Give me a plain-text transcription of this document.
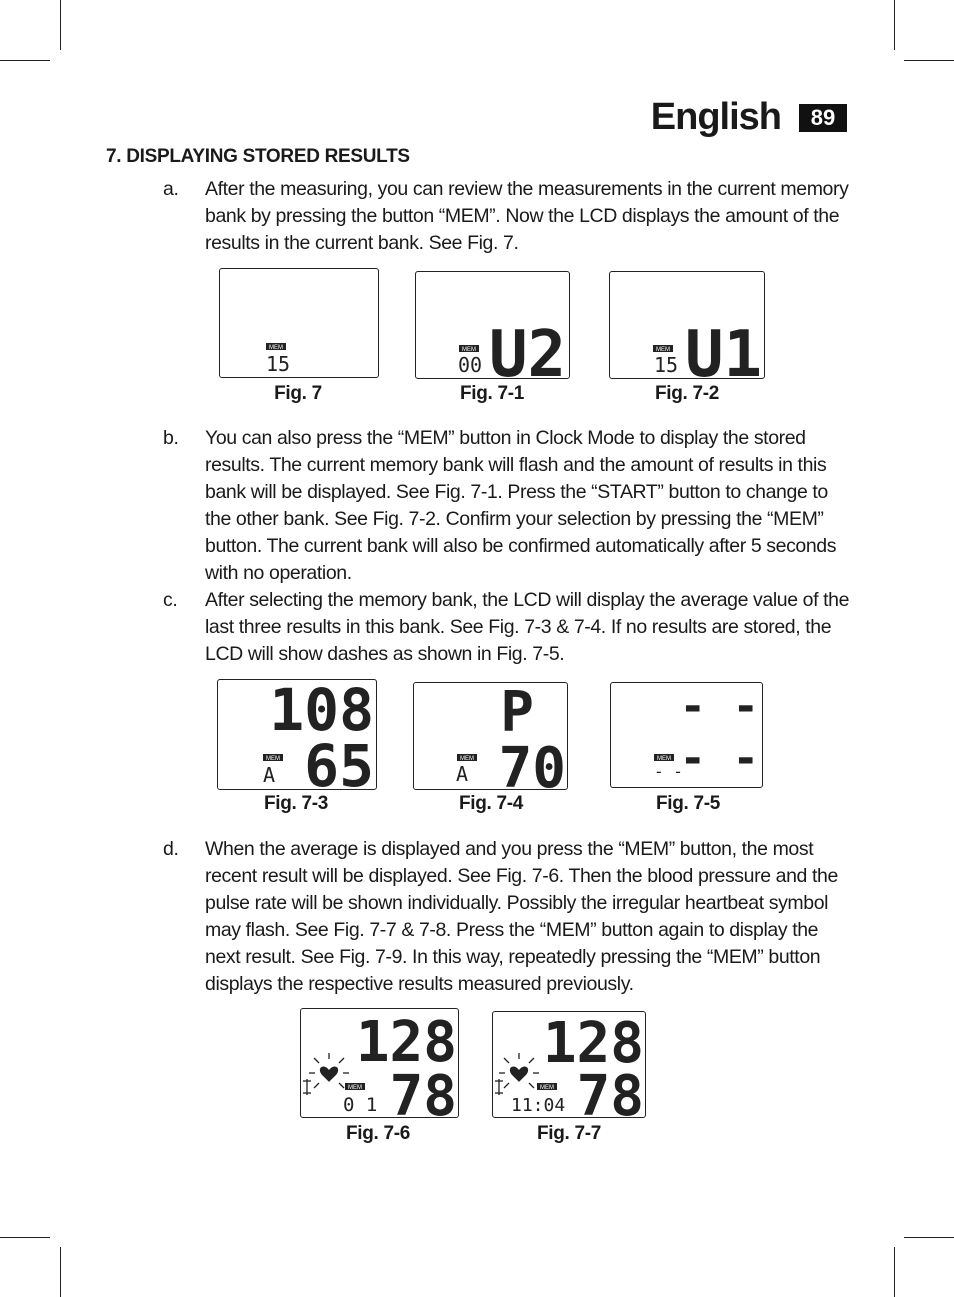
English	89
7. DISPLAYING STORED RESULTS
a. After the measuring, you can review the measurements in the current memory bank by pressing the button “MEM”. Now the LCD displays the amount of the results in the current bank. See Fig. 7.
MEM
15
Fig. 7
MEM
00 U2
Fig. 7-1
MEM
15 U1
Fig. 7-2
b. You can also press the “MEM” button in Clock Mode to display the stored results. The current memory bank will flash and the amount of results in this bank will be displayed. See Fig. 7-1. Press the “START” button to change to the other bank. See Fig. 7-2. Confirm your selection by pressing the “MEM” button. The current bank will also be confirmed automatically after 5 seconds with no operation.
c. After selecting the memory bank, the LCD will display the average value of the last three results in this bank. See Fig. 7-3 & 7-4. If no results are stored, the LCD will show dashes as shown in Fig. 7-5.
MEM
A
108
65
Fig. 7-3
MEM
A
P
70
Fig. 7-4
MEM
- -
- -
- -
Fig. 7-5
d. When the average is displayed and you press the “MEM” button, the most recent result will be displayed. See Fig. 7-6. Then the blood pressure and the pulse rate will be shown individually. Possibly the irregular heartbeat symbol may flash. See Fig. 7-7 & 7-8. Press the “MEM” button again to display the next result. See Fig. 7-9. In this way, repeatedly pressing the “MEM” button displays the respective results measured previously.
MEM
0 1
128
78
Fig. 7-6
MEM
11:04
128
78
Fig. 7-7
